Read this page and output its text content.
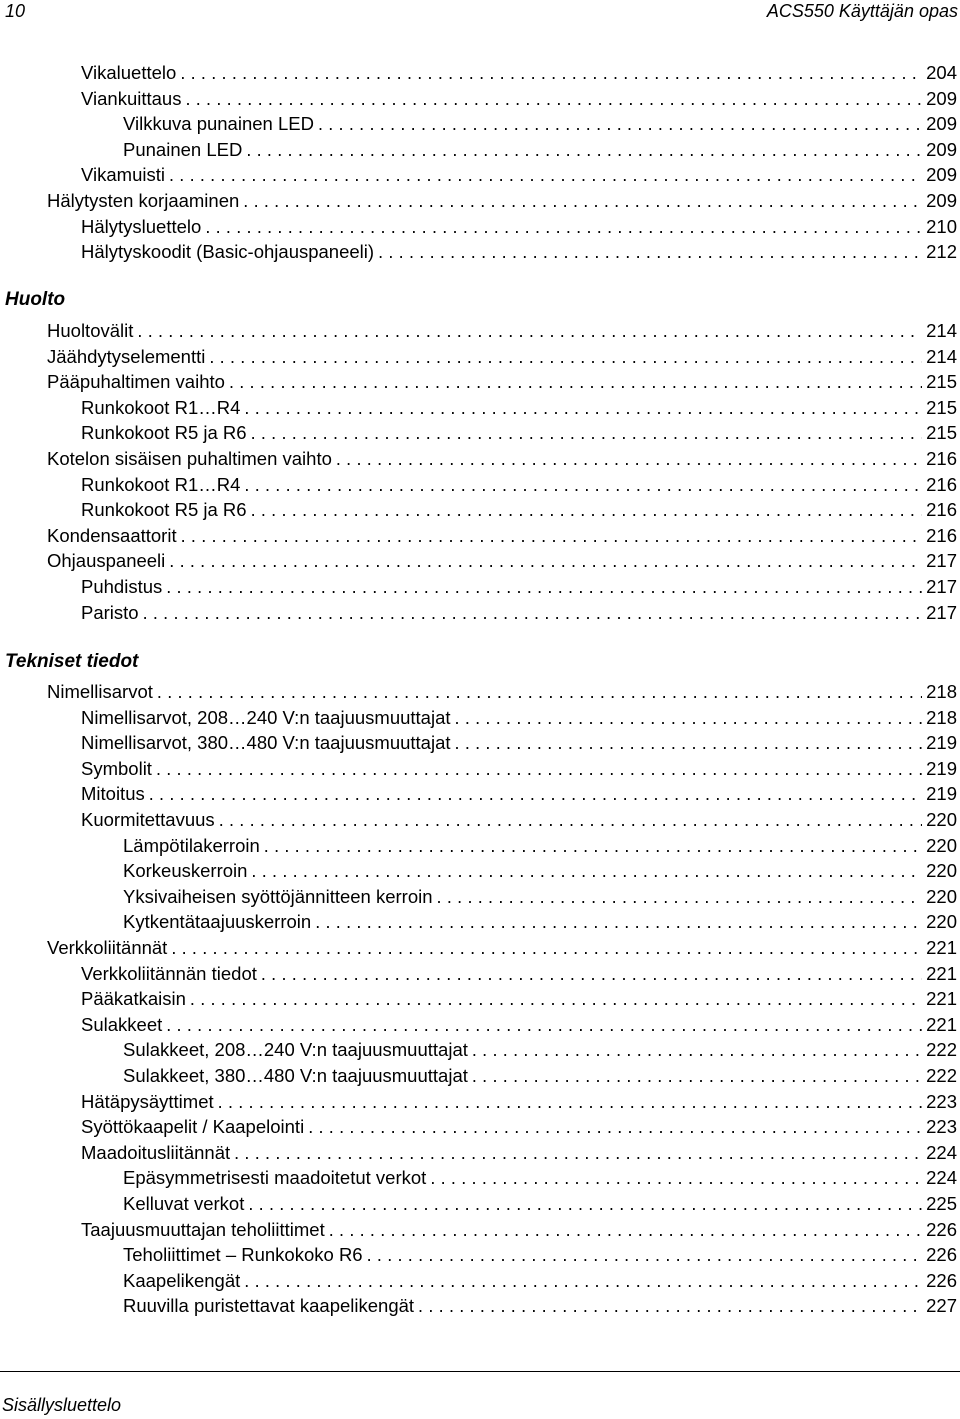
10	ACS550 Käyttäjän opas
Vikaluettelo . . .	204
Viankuittaus . . .	209
Vilkkuva punainen LED . . .	209
Punainen LED . . .	209
Vikamuisti . . .	209
Hälytysten korjaaminen . . .	209
Hälytysluettelo . . .	210
Hälytyskoodit (Basic-ohjauspaneeli) . . .	212
Huolto
Huoltovälit . . .	214
Jäähdytyselementti . . .	214
Pääpuhaltimen vaihto . . .	215
Runkokoot R1…R4 . . .	215
Runkokoot R5 ja R6 . . .	215
Kotelon sisäisen puhaltimen vaihto . . .	216
Runkokoot R1…R4 . . .	216
Runkokoot R5 ja R6 . . .	216
Kondensaattorit . . .	216
Ohjauspaneeli . . .	217
Puhdistus . . .	217
Paristo . . .	217
Tekniset tiedot
Nimellisarvot . . .	218
Nimellisarvot, 208…240 V:n taajuusmuuttajat . . .	218
Nimellisarvot, 380…480 V:n taajuusmuuttajat . . .	219
Symbolit . . .	219
Mitoitus . . .	219
Kuormitettavuus . . .	220
Lämpötilakerroin . . .	220
Korkeuskerroin . . .	220
Yksivaiheisen syöttöjännitteen kerroin . . .	220
Kytkentätaajuuskerroin . . .	220
Verkkoliitännät . . .	221
Verkkoliitännän tiedot . . .	221
Pääkatkaisin . . .	221
Sulakkeet . . .	221
Sulakkeet, 208…240 V:n taajuusmuuttajat . . .	222
Sulakkeet, 380…480 V:n taajuusmuuttajat . . .	222
Hätäpysäyttimet . . .	223
Syöttökaapelit / Kaapelointi . . .	223
Maadoitusliitännät . . .	224
Epäsymmetrisesti maadoitetut verkot . . .	224
Kelluvat verkot . . .	225
Taajuusmuuttajan teholiittimet . . .	226
Teholiittimet – Runkokoko R6 . . .	226
Kaapelikengät . . .	226
Ruuvilla puristettavat kaapelikengät . . .	227
Sisällysluettelo
